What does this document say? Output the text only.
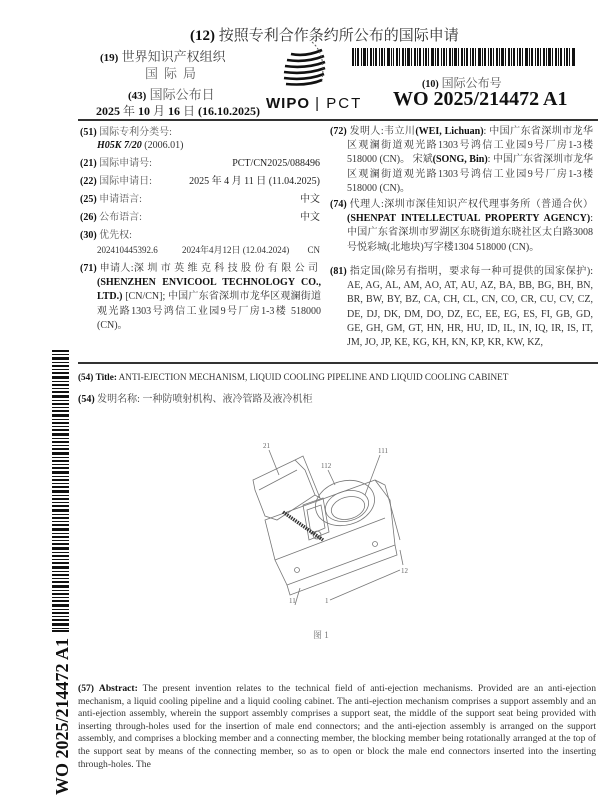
(12) 按照专利合作条约所公布的国际申请
(19) 世界知识产权组织
国际局
(43) 国际公布日
2025 年 10 月 16 日 (16.10.2025) WIPO | PCT
(10) 国际公布号
WO 2025/214472 A1
(51) 国际专利分类号:
H05K 7/20 (2006.01)
(21) 国际申请号:	PCT/CN2025/088496
(22) 国际申请日:	2025 年 4 月 11 日 (11.04.2025)
(25) 申请语言:	中文
(26) 公布语言:	中文
(30) 优先权:
202410445392.6	2024年4月12日 (12.04.2024) CN
(71) 申请人:深圳市英维克科技股份有限公司(SHENZHEN ENVICOOL TECHNOLOGY CO., LTD.) [CN/CN]; 中国广东省深圳市龙华区观澜街道观光路1303号鸿信工业园9号厂房1-3楼 518000 (CN)。
(72) 发明人:韦立川(WEI, Lichuan): 中国广东省深圳市龙华区观澜街道观光路1303号鸿信工业园9号厂房1-3楼 518000 (CN)。 宋斌(SONG, Bin): 中国广东省深圳市龙华区观澜街道观光路1303号鸿信工业园9号厂房1-3楼 518000 (CN)。
(74) 代理人:深圳市深佳知识产权代理事务所（普通合伙）(SHENPAT INTELLECTUAL PROPERTY AGENCY): 中国广东省深圳市罗湖区东晓街道东晓社区太白路3008号悦彩城(北地块)写字楼1304 518000 (CN)。
(81) 指定国(除另有指明，要求每一种可提供的国家保护): AE, AG, AL, AM, AO, AT, AU, AZ, BA, BB, BG, BH, BN, BR, BW, BY, BZ, CA, CH, CL, CN, CO, CR, CU, CV, CZ, DE, DJ, DK, DM, DO, DZ, EC, EE, EG, ES, FI, GB, GD, GE, GH, GM, GT, HN, HR, HU, ID, IL, IN, IQ, IR, IS, IT, JM, JO, JP, KE, KG, KH, KN, KP, KR, KW, KZ,
WO 2025/214472 A1
(54) Title: ANTI-EJECTION MECHANISM, LIQUID COOLING PIPELINE AND LIQUID COOLING CABINET
(54) 发明名称: 一种防喷射机构、液冷管路及液冷机柜
21
112
111
12
11	1
图 1
(57) Abstract: The present invention relates to the technical field of anti-ejection mechanisms. Provided are an anti-ejection mechanism, a liquid cooling pipeline and a liquid cooling cabinet. The anti-ejection mechanism comprises a support assembly and an anti-ejection assembly, wherein the support assembly comprises a support seat, the middle of the support seat being provided with inserting through-holes used for the insertion of male end connectors; and the anti-ejection assembly is arranged on the support assembly, and comprises a blocking member and a connecting member, the blocking member being rotationally arranged at the top of the support seat by means of the connecting member, so as to open or block the male end connectors inserted into the inserting through-holes. The
